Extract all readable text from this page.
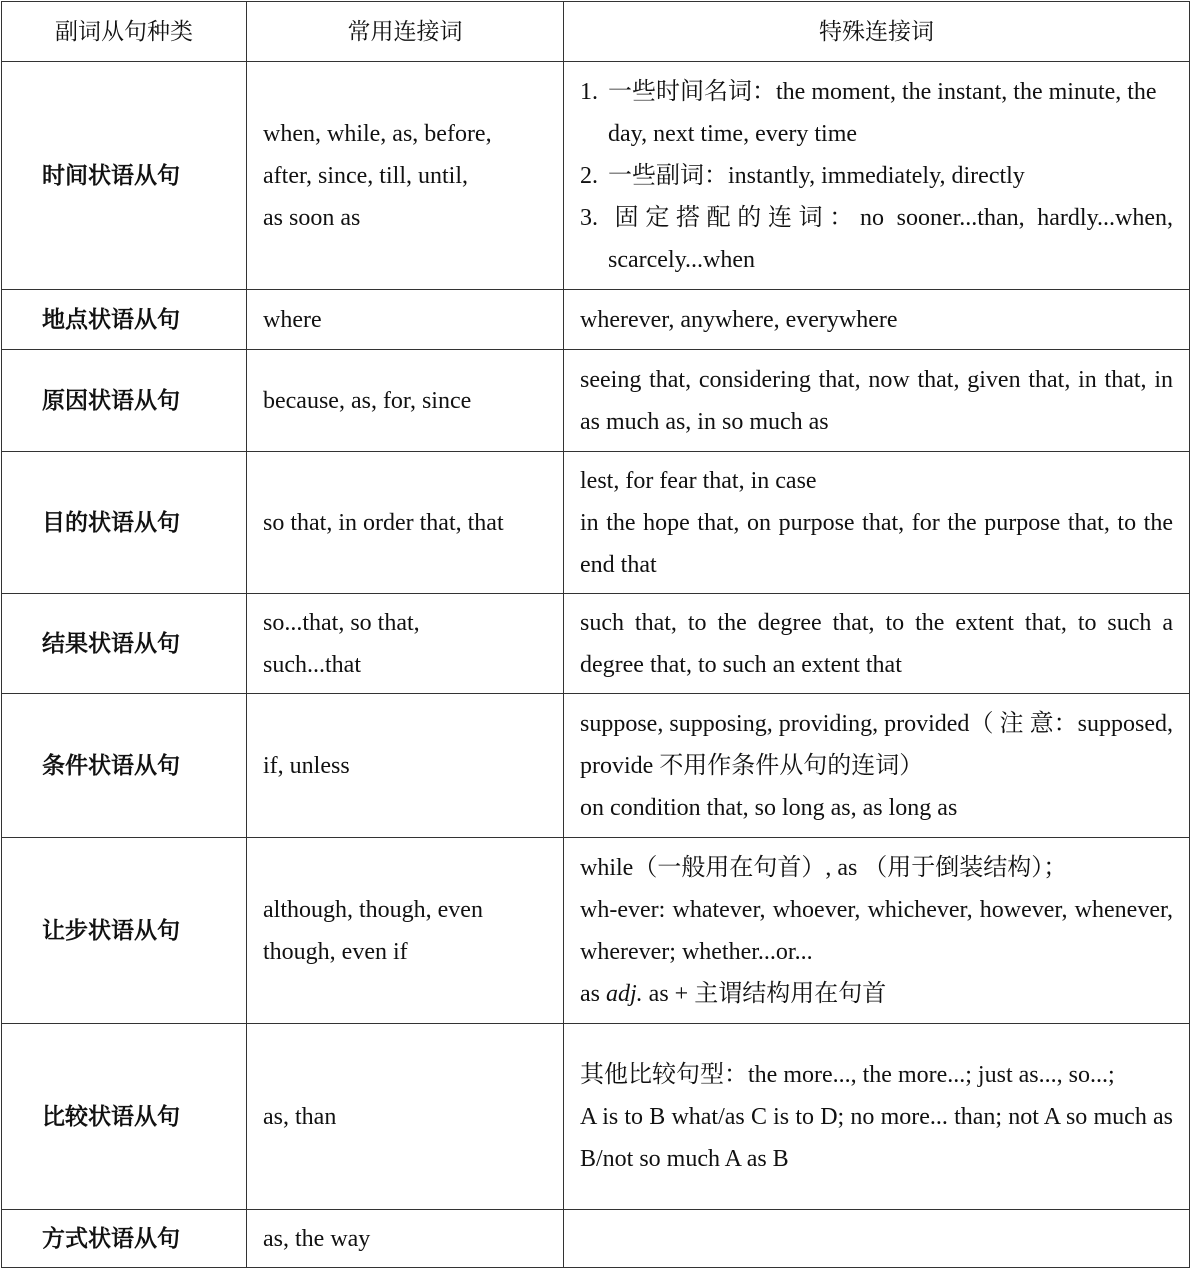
副词从句种类	常用连接词	特殊连接词
时间状语从句	when, while, as, before,
after, since, till, until,
as soon as	1. 一些时间名词：the moment, the instant, the minute, the day, next time, every time
2. 一些副词：instantly, immediately, directly
3. 固定搭配的连词：no sooner...than, hardly...when, scarcely...when

地点状语从句	where	wherever, anywhere, everywhere

原因状语从句	because, as, for, since	seeing that, considering that, now that, given that, in that, in as much as, in so much as

目的状语从句	so that, in order that, that	lest, for fear that, in case
in the hope that, on purpose that, for the purpose that, to the end that

结果状语从句	so...that, so that,
such...that	such that, to the degree that, to the extent that, to such a degree that, to such an extent that

条件状语从句	if, unless	suppose, supposing, providing, provided（ 注 意：supposed, provide 不用作条件从句的连词）
on condition that, so long as, as long as

让步状语从句	although, though, even
though, even if	while（一般用在句首）, as （用于倒装结构）；
wh-ever: whatever, whoever, whichever, however, whenever, wherever; whether...or...
as adj. as + 主谓结构用在句首

比较状语从句	as, than	其他比较句型：the more..., the more...; just as..., so...;
A is to B what/as C is to D; no more... than; not A so much as B/not so much A as B

方式状语从句	as, the way	
